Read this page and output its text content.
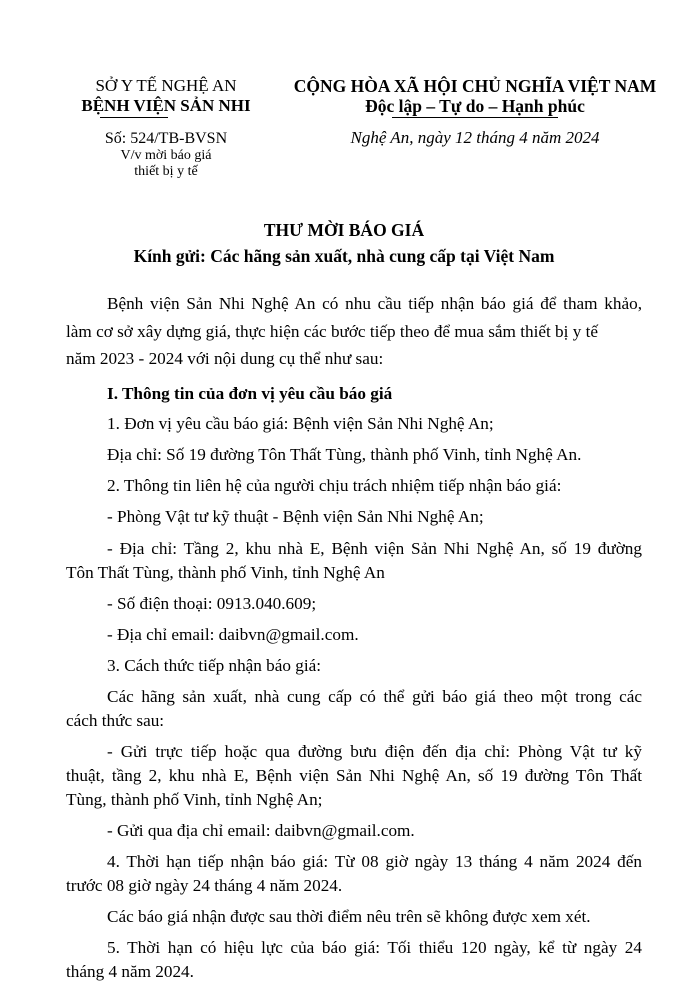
SỞ Y TẾ NGHỆ AN
BỆNH VIỆN SẢN NHI
Số: 524/TB-BVSN
V/v mời báo giá
thiết bị y tế
CỘNG HÒA XÃ HỘI CHỦ NGHĨA VIỆT NAM
Độc lập – Tự do – Hạnh phúc
Nghệ An, ngày 12 tháng 4 năm 2024
THƯ MỜI BÁO GIÁ
Kính gửi: Các hãng sản xuất, nhà cung cấp tại Việt Nam
Bệnh viện Sản Nhi Nghệ An có nhu cầu tiếp nhận báo giá để tham khảo,
làm cơ sở xây dựng giá, thực hiện các bước tiếp theo để mua sắm thiết bị y tế
năm 2023 - 2024 với nội dung cụ thể như sau:
I. Thông tin của đơn vị yêu cầu báo giá
1. Đơn vị yêu cầu báo giá: Bệnh viện Sản Nhi Nghệ An;
Địa chỉ: Số 19 đường Tôn Thất Tùng, thành phố Vinh, tỉnh Nghệ An.
2. Thông tin liên hệ của người chịu trách nhiệm tiếp nhận báo giá:
- Phòng Vật tư kỹ thuật - Bệnh viện Sản Nhi Nghệ An;
- Địa chỉ: Tầng 2, khu nhà E, Bệnh viện Sản Nhi Nghệ An, số 19 đường
Tôn Thất Tùng, thành phố Vinh, tỉnh Nghệ An
- Số điện thoại: 0913.040.609;
- Địa chỉ email: daibvn@gmail.com.
3. Cách thức tiếp nhận báo giá:
Các hãng sản xuất, nhà cung cấp có thể gửi báo giá theo một trong các
cách thức sau:
- Gửi trực tiếp hoặc qua đường bưu điện đến địa chỉ: Phòng Vật tư kỹ
thuật, tầng 2, khu nhà E, Bệnh viện Sản Nhi Nghệ An, số 19 đường Tôn Thất
Tùng, thành phố Vinh, tỉnh Nghệ An;
- Gửi qua địa chỉ email: daibvn@gmail.com.
4. Thời hạn tiếp nhận báo giá: Từ 08 giờ ngày 13 tháng 4 năm 2024 đến
trước 08 giờ ngày 24 tháng 4 năm 2024.
Các báo giá nhận được sau thời điểm nêu trên sẽ không được xem xét.
5. Thời hạn có hiệu lực của báo giá: Tối thiểu 120 ngày, kể từ ngày 24
tháng 4 năm 2024.
